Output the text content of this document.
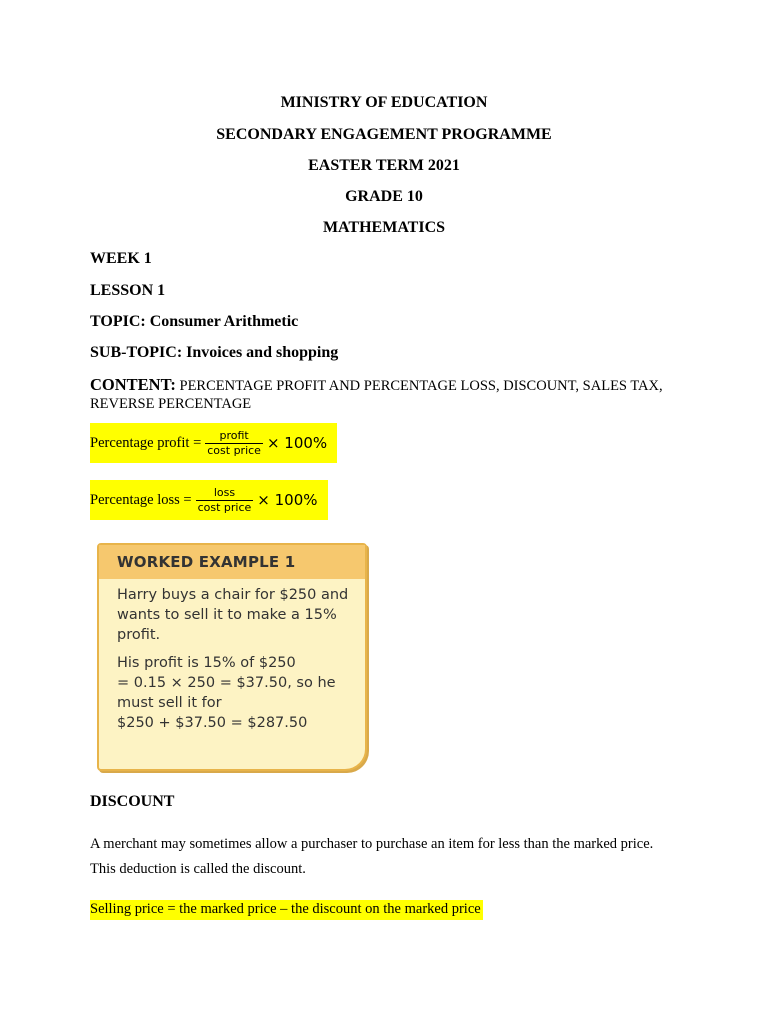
MINISTRY OF EDUCATION
SECONDARY ENGAGEMENT PROGRAMME
EASTER TERM 2021
GRADE 10
MATHEMATICS
WEEK 1
LESSON 1
TOPIC: Consumer Arithmetic
SUB-TOPIC: Invoices and shopping
CONTENT: PERCENTAGE PROFIT AND PERCENTAGE LOSS, DISCOUNT, SALES TAX, REVERSE PERCENTAGE
Percentage profit = $\frac{\text{profit}}{\text{cost price}} \times 100\%$
Percentage loss = $\frac{\text{loss}}{\text{cost price}} \times 100\%$
WORKED EXAMPLE 1

Harry buys a chair for $250 and wants to sell it to make a 15% profit.

His profit is 15% of $250
= 0.15 × 250 = $37.50, so he
must sell it for
$250 + $37.50 = $287.50

DISCOUNT
A merchant may sometimes allow a purchaser to purchase an item for less than the marked price.
This deduction is called the discount.
Selling price = the marked price – the discount on the marked price
